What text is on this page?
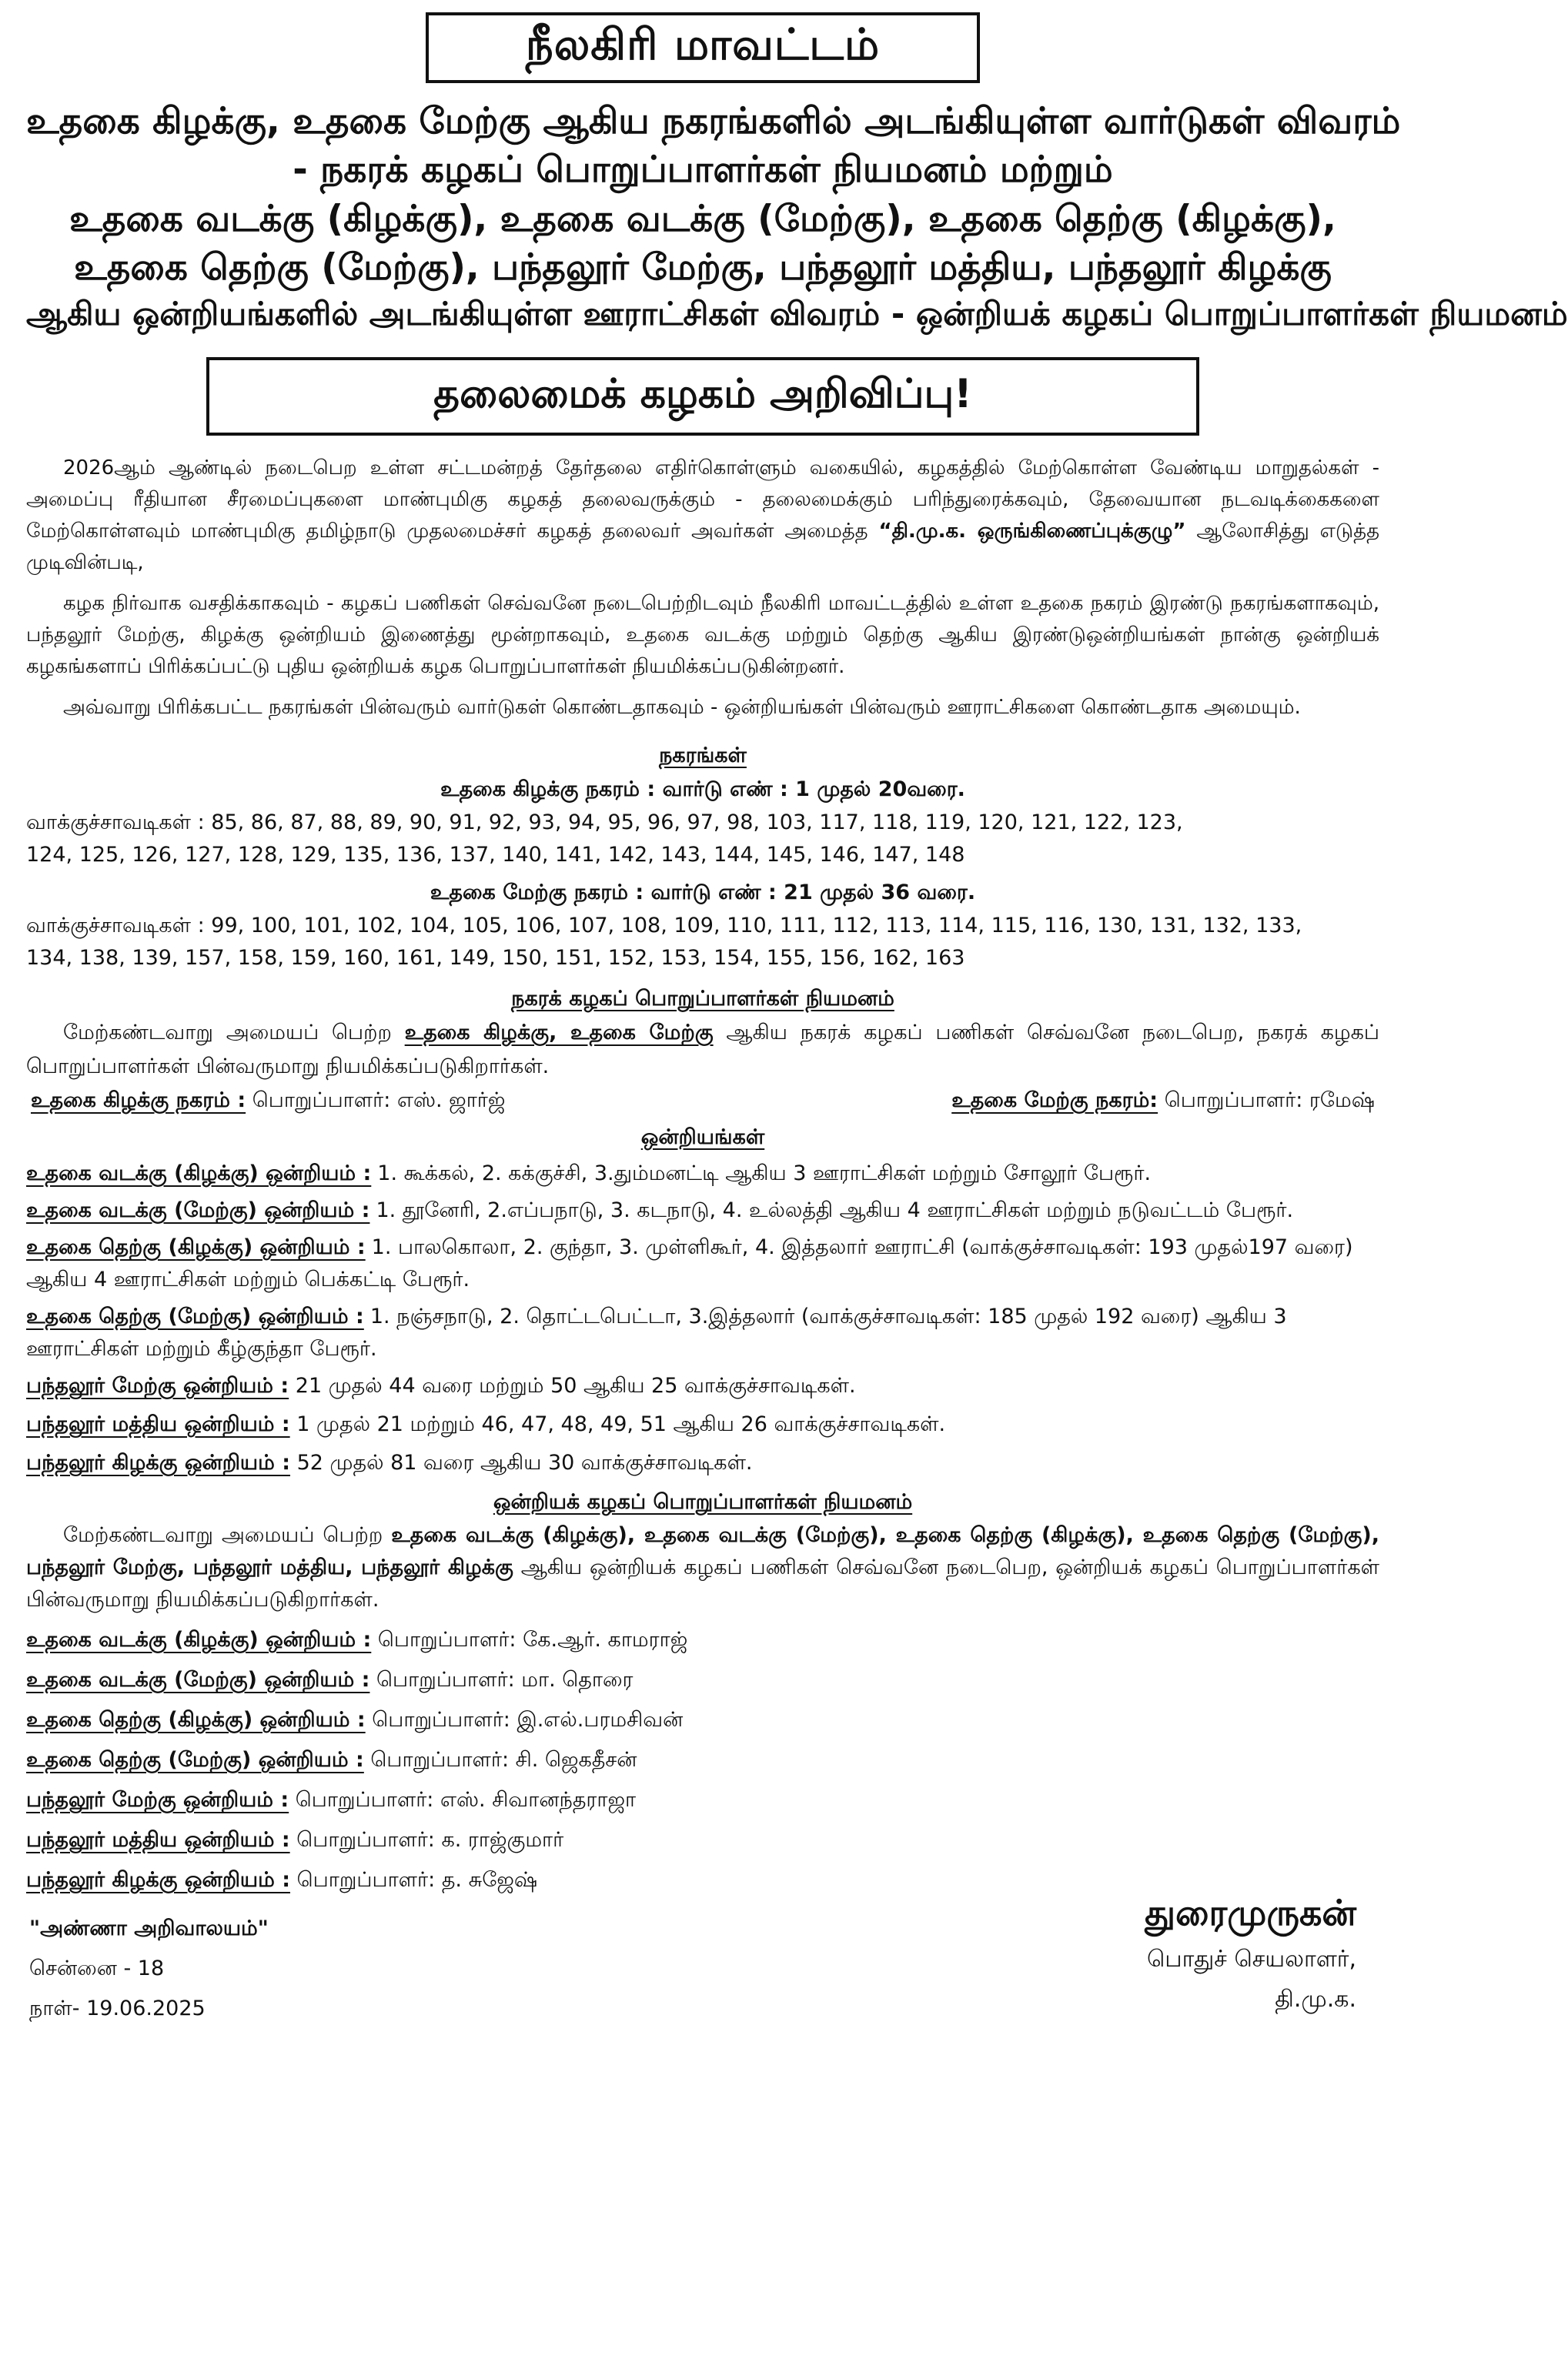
நீலகிரி மாவட்டம்
உதகை கிழக்கு, உதகை மேற்கு ஆகிய நகரங்களில் அடங்கியுள்ள வார்டுகள் விவரம்
- நகரக் கழகப் பொறுப்பாளர்கள் நியமனம் மற்றும்
உதகை வடக்கு (கிழக்கு), உதகை வடக்கு (மேற்கு), உதகை தெற்கு (கிழக்கு),
உதகை தெற்கு (மேற்கு), பந்தலூர் மேற்கு, பந்தலூர் மத்திய, பந்தலூர் கிழக்கு
ஆகிய ஒன்றியங்களில் அடங்கியுள்ள ஊராட்சிகள் விவரம் - ஒன்றியக் கழகப் பொறுப்பாளர்கள் நியமனம்
தலைமைக் கழகம் அறிவிப்பு!

2026ஆம் ஆண்டில் நடைபெற உள்ள சட்டமன்றத் தேர்தலை எதிர்கொள்ளும் வகையில், கழகத்தில் மேற்கொள்ள வேண்டிய மாறுதல்கள் - அமைப்பு ரீதியான சீரமைப்புகளை மாண்புமிகு கழகத் தலைவருக்கும் - தலைமைக்கும் பரிந்துரைக்கவும், தேவையான நடவடிக்கைகளை மேற்கொள்ளவும் மாண்புமிகு தமிழ்நாடு முதலமைச்சர் கழகத் தலைவர் அவர்கள் அமைத்த “தி.மு.க. ஒருங்கிணைப்புக்குழு” ஆலோசித்து எடுத்த முடிவின்படி,

கழக நிர்வாக வசதிக்காகவும் - கழகப் பணிகள் செவ்வனே நடைபெற்றிடவும் நீலகிரி மாவட்டத்தில் உள்ள உதகை நகரம் இரண்டு நகரங்களாகவும், பந்தலூர் மேற்கு, கிழக்கு ஒன்றியம் இணைத்து மூன்றாகவும், உதகை வடக்கு மற்றும் தெற்கு ஆகிய இரண்டுஒன்றியங்கள் நான்கு ஒன்றியக் கழகங்களாப் பிரிக்கப்பட்டு புதிய ஒன்றியக் கழக பொறுப்பாளர்கள் நியமிக்கப்படுகின்றனர்.

அவ்வாறு பிரிக்கபட்ட நகரங்கள் பின்வரும் வார்டுகள் கொண்டதாகவும் - ஒன்றியங்கள் பின்வரும் ஊராட்சிகளை கொண்டதாக அமையும்.

நகரங்கள்
உதகை கிழக்கு நகரம் : வார்டு எண் : 1 முதல் 20வரை.
வாக்குச்சாவடிகள் : 85, 86, 87, 88, 89, 90, 91, 92, 93, 94, 95, 96, 97, 98, 103, 117, 118, 119, 120, 121, 122, 123,
124, 125, 126, 127, 128, 129, 135, 136, 137, 140, 141, 142, 143, 144, 145, 146, 147, 148
உதகை மேற்கு நகரம் : வார்டு எண் : 21 முதல் 36 வரை.
வாக்குச்சாவடிகள் : 99, 100, 101, 102, 104, 105, 106, 107, 108, 109, 110, 111, 112, 113, 114, 115, 116, 130, 131, 132, 133,
134, 138, 139, 157, 158, 159, 160, 161, 149, 150, 151, 152, 153, 154, 155, 156, 162, 163
நகரக் கழகப் பொறுப்பாளர்கள் நியமனம்

மேற்கண்டவாறு அமையப் பெற்ற உதகை கிழக்கு, உதகை மேற்கு ஆகிய நகரக் கழகப் பணிகள் செவ்வனே நடைபெற, நகரக் கழகப் பொறுப்பாளர்கள் பின்வருமாறு நியமிக்கப்படுகிறார்கள்.

உதகை கிழக்கு நகரம் : பொறுப்பாளர்: எஸ். ஜார்ஜ்	உதகை மேற்கு நகரம்: பொறுப்பாளர்: ரமேஷ்
ஒன்றியங்கள்
உதகை வடக்கு (கிழக்கு) ஒன்றியம் : 1. கூக்கல், 2. கக்குச்சி, 3.தும்மனட்டி ஆகிய 3 ஊராட்சிகள் மற்றும் சோலூர் பேரூர்.
உதகை வடக்கு (மேற்கு) ஒன்றியம் : 1. தூனேரி, 2.எப்பநாடு, 3. கடநாடு, 4. உல்லத்தி ஆகிய 4 ஊராட்சிகள் மற்றும் நடுவட்டம் பேரூர்.
உதகை தெற்கு (கிழக்கு) ஒன்றியம் : 1. பாலகொலா, 2. குந்தா, 3. முள்ளிகூர், 4. இத்தலார் ஊராட்சி (வாக்குச்சாவடிகள்: 193 முதல்197 வரை) ஆகிய 4 ஊராட்சிகள் மற்றும் பெக்கட்டி பேரூர்.
உதகை தெற்கு (மேற்கு) ஒன்றியம் : 1. நஞ்சநாடு, 2. தொட்டபெட்டா, 3.இத்தலார் (வாக்குச்சாவடிகள்: 185 முதல் 192 வரை) ஆகிய 3 ஊராட்சிகள் மற்றும் கீழ்குந்தா பேரூர்.
பந்தலூர் மேற்கு ஒன்றியம் : 21 முதல் 44 வரை மற்றும் 50 ஆகிய 25 வாக்குச்சாவடிகள்.
பந்தலூர் மத்திய ஒன்றியம் : 1 முதல் 21 மற்றும் 46, 47, 48, 49, 51 ஆகிய 26 வாக்குச்சாவடிகள்.
பந்தலூர் கிழக்கு ஒன்றியம் : 52 முதல் 81 வரை ஆகிய 30 வாக்குச்சாவடிகள்.
ஒன்றியக் கழகப் பொறுப்பாளர்கள் நியமனம்

மேற்கண்டவாறு அமையப் பெற்ற உதகை வடக்கு (கிழக்கு), உதகை வடக்கு (மேற்கு), உதகை தெற்கு (கிழக்கு), உதகை தெற்கு (மேற்கு), பந்தலூர் மேற்கு, பந்தலூர் மத்திய, பந்தலூர் கிழக்கு ஆகிய ஒன்றியக் கழகப் பணிகள் செவ்வனே நடைபெற, ஒன்றியக் கழகப் பொறுப்பாளர்கள் பின்வருமாறு நியமிக்கப்படுகிறார்கள்.

உதகை வடக்கு (கிழக்கு) ஒன்றியம் : பொறுப்பாளர்: கே.ஆர். காமராஜ்
உதகை வடக்கு (மேற்கு) ஒன்றியம் : பொறுப்பாளர்: மா. தொரை
உதகை தெற்கு (கிழக்கு) ஒன்றியம் : பொறுப்பாளர்: இ.எல்.பரமசிவன்
உதகை தெற்கு (மேற்கு) ஒன்றியம் : பொறுப்பாளர்: சி. ஜெகதீசன்
பந்தலூர் மேற்கு ஒன்றியம் : பொறுப்பாளர்: எஸ். சிவானந்தராஜா
பந்தலூர் மத்திய ஒன்றியம் : பொறுப்பாளர்: க. ராஜ்குமார்
பந்தலூர் கிழக்கு ஒன்றியம் : பொறுப்பாளர்: த. சுஜேஷ்
"அண்ணா அறிவாலயம்"
சென்னை - 18
நாள்- 19.06.2025
துரைமுருகன்
பொதுச் செயலாளர்,
தி.மு.க.
